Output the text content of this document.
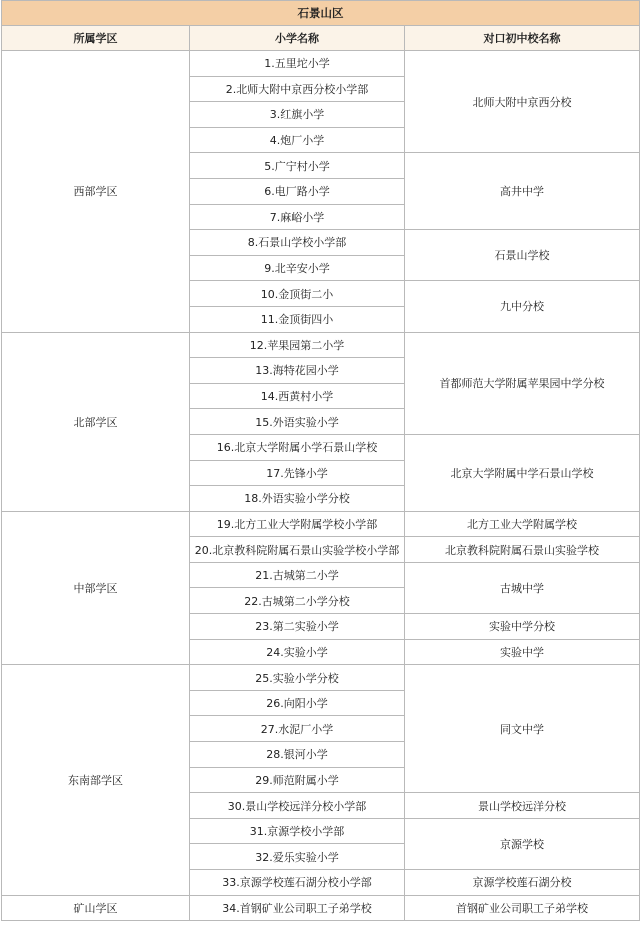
石景山区		
所属学区	小学名称	对口初中校名称
西部学区	1.五里坨小学	北师大附中京西分校
	2.北师大附中京西分校小学部	
	3.红旗小学	
	4.炮厂小学	
	5.广宁村小学	高井中学
	6.电厂路小学	
	7.麻峪小学	
	8.石景山学校小学部	石景山学校
	9.北辛安小学	
	10.金顶街二小	九中分校
	11.金顶街四小	
北部学区	12.苹果园第二小学	首都师范大学附属苹果园中学分校
	13.海特花园小学	
	14.西黄村小学	
	15.外语实验小学	
	16.北京大学附属小学石景山学校	北京大学附属中学石景山学校
	17.先锋小学	
	18.外语实验小学分校	
中部学区	19.北方工业大学附属学校小学部	北方工业大学附属学校
	20.北京教科院附属石景山实验学校小学部	北京教科院附属石景山实验学校
	21.古城第二小学	古城中学
	22.古城第二小学分校	
	23.第二实验小学	实验中学分校
	24.实验小学	实验中学
东南部学区	25.实验小学分校	同文中学
	26.向阳小学	
	27.水泥厂小学	
	28.银河小学	
	29.师范附属小学	
	30.景山学校远洋分校小学部	景山学校远洋分校
	31.京源学校小学部	京源学校
	32.爱乐实验小学	
	33.京源学校莲石湖分校小学部	京源学校莲石湖分校
矿山学区	34.首钢矿业公司职工子弟学校	首钢矿业公司职工子弟学校
